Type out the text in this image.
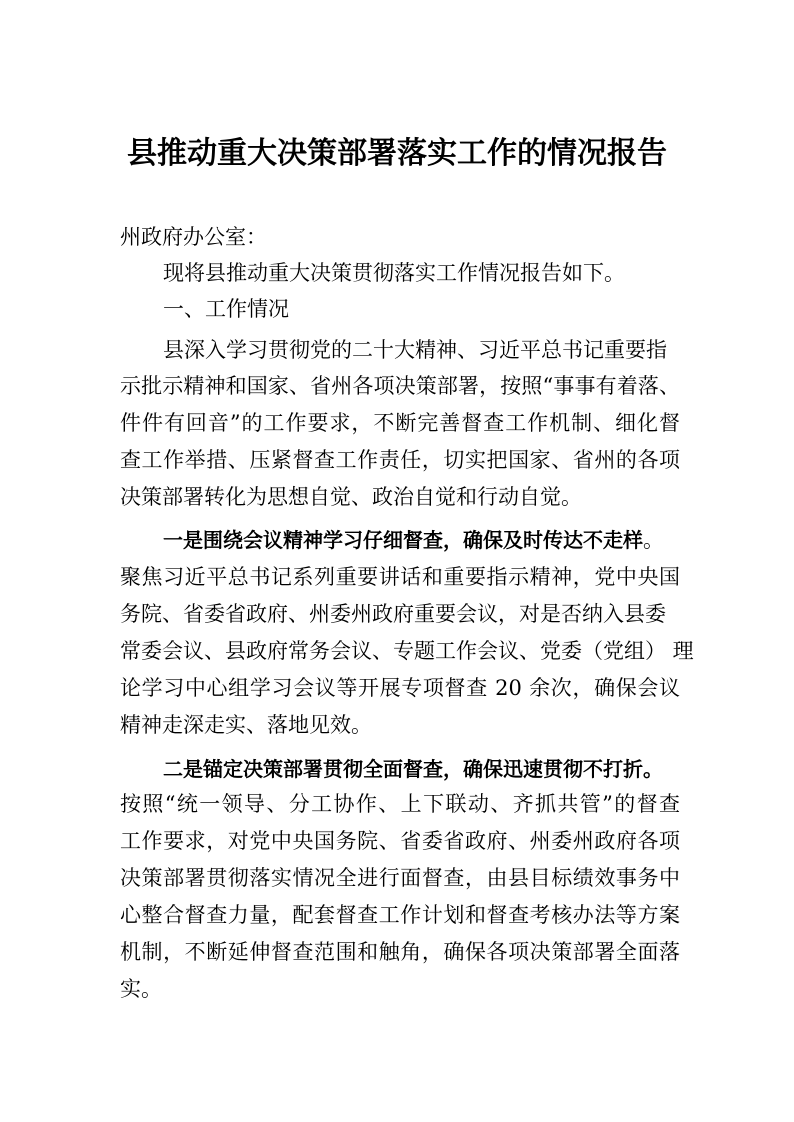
县推动重大决策部署落实工作的情况报告
州政府办公室：
现将县推动重大决策贯彻落实工作情况报告如下。
一、工作情况
县深入学习贯彻党的二十大精神、习近平总书记重要指
示批示精神和国家、省州各项决策部署，按照“事事有着落、
件件有回音”的工作要求，不断完善督查工作机制、细化督
查工作举措、压紧督查工作责任，切实把国家、省州的各项
决策部署转化为思想自觉、政治自觉和行动自觉。
一是围绕会议精神学习仔细督查，确保及时传达不走样。
聚焦习近平总书记系列重要讲话和重要指示精神，党中央国
务院、省委省政府、州委州政府重要会议，对是否纳入县委
常委会议、县政府常务会议、专题工作会议、党委（党组） 理
论学习中心组学习会议等开展专项督查 20 余次，确保会议
精神走深走实、落地见效。
二是锚定决策部署贯彻全面督查，确保迅速贯彻不打折。
按照“统一领导、分工协作、上下联动、齐抓共管”的督查
工作要求，对党中央国务院、省委省政府、州委州政府各项
决策部署贯彻落实情况全进行面督查，由县目标绩效事务中
心整合督查力量，配套督查工作计划和督查考核办法等方案
机制，不断延伸督查范围和触角，确保各项决策部署全面落
实。
